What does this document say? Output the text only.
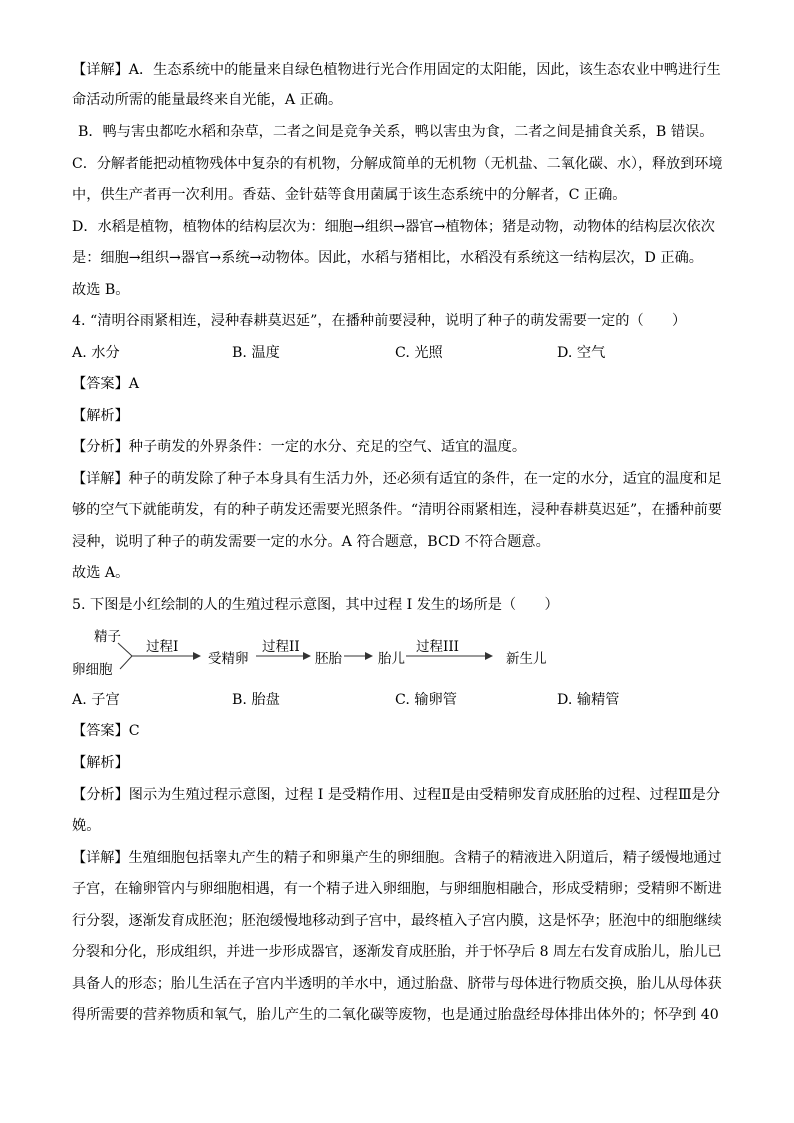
【详解】A．生态系统中的能量来自绿色植物进行光合作用固定的太阳能，因此，该生态农业中鸭进行生
命活动所需的能量最终来自光能，A 正确。
B．鸭与害虫都吃水稻和杂草，二者之间是竞争关系，鸭以害虫为食，二者之间是捕食关系，B 错误。
C．分解者能把动植物残体中复杂的有机物，分解成简单的无机物（无机盐、二氧化碳、水），释放到环境
中，供生产者再一次利用。香菇、金针菇等食用菌属于该生态系统中的分解者，C 正确。
D．水稻是植物，植物体的结构层次为：细胞→组织→器官→植物体；猪是动物，动物体的结构层次依次
是：细胞→组织→器官→系统→动物体。因此，水稻与猪相比，水稻没有系统这一结构层次，D 正确。
故选 B。
4. “清明谷雨紧相连，浸种春耕莫迟延”，在播种前要浸种，说明了种子的萌发需要一定的（　　）
A. 水分	B. 温度	C. 光照	D. 空气
【答案】A
【解析】
【分析】种子萌发的外界条件：一定的水分、充足的空气、适宜的温度。
【详解】种子的萌发除了种子本身具有生活力外，还必须有适宜的条件，在一定的水分，适宜的温度和足
够的空气下就能萌发，有的种子萌发还需要光照条件。“清明谷雨紧相连，浸种春耕莫迟延”，在播种前要
浸种，说明了种子的萌发需要一定的水分。A 符合题意，BCD 不符合题意。
故选 A。
5. 下图是小红绘制的人的生殖过程示意图，其中过程 I 发生的场所是（　　）
精子
卵细胞
过程I
受精卵
过程II
胚胎	胎儿
过程III
新生儿
A. 子宫	B. 胎盘	C. 输卵管	D. 输精管
【答案】C
【解析】
【分析】图示为生殖过程示意图，过程 I 是受精作用、过程Ⅱ是由受精卵发育成胚胎的过程、过程Ⅲ是分
娩。
【详解】生殖细胞包括睾丸产生的精子和卵巢产生的卵细胞。含精子的精液进入阴道后，精子缓慢地通过
子宫，在输卵管内与卵细胞相遇，有一个精子进入卵细胞，与卵细胞相融合，形成受精卵；受精卵不断进
行分裂，逐渐发育成胚泡；胚泡缓慢地移动到子宫中，最终植入子宫内膜，这是怀孕；胚泡中的细胞继续
分裂和分化，形成组织，并进一步形成器官，逐渐发育成胚胎，并于怀孕后 8 周左右发育成胎儿，胎儿已
具备人的形态；胎儿生活在子宫内半透明的羊水中，通过胎盘、脐带与母体进行物质交换，胎儿从母体获
得所需要的营养物质和氧气，胎儿产生的二氧化碳等废物，也是通过胎盘经母体排出体外的；怀孕到 40
